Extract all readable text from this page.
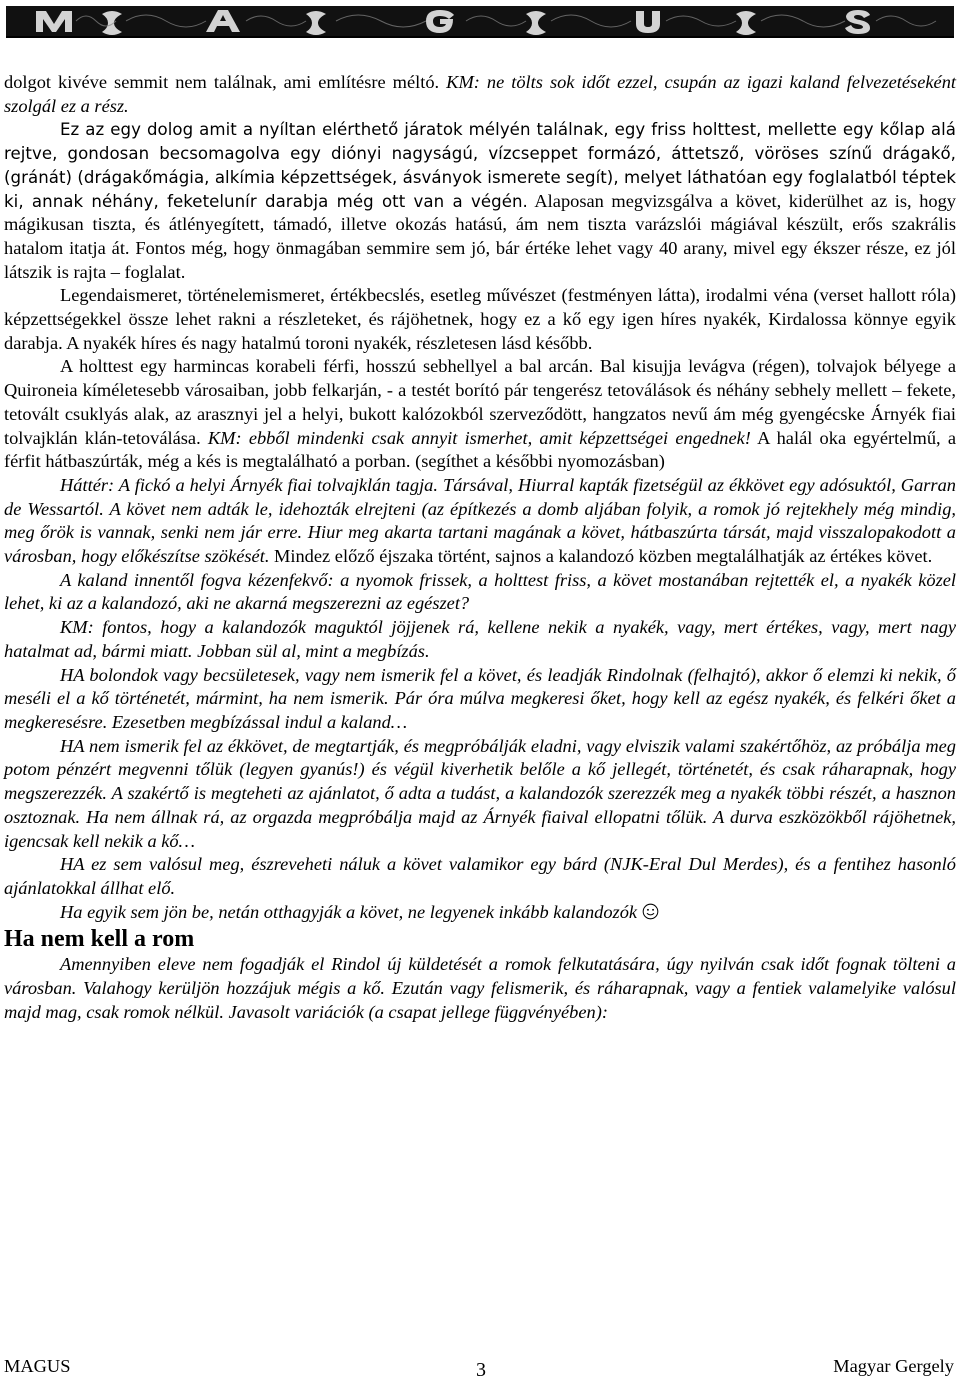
dolgot kivéve semmit nem találnak, ami említésre méltó. KM: ne tölts sok időt ezzel, csupán az igazi kaland felvezetéseként szolgál ez a rész.

Ez az egy dolog amit a nyíltan elérthető járatok mélyén találnak, egy friss holttest, mellette egy kőlap alá rejtve, gondosan becsomagolva egy diónyi nagyságú, vízcseppet formázó, áttetsző, vöröses színű drágakő, (gránát) (drágakőmágia, alkímia képzettségek, ásványok ismerete segít), melyet láthatóan egy foglalatból téptek ki, annak néhány, feketelunír darabja még ott van a végén. Alaposan megvizsgálva a követ, kiderülhet az is, hogy mágikusan tiszta, és átlényegített, támadó, illetve okozás hatású, ám nem tiszta varázslói mágiával készült, erős szakrális hatalom itatja át. Fontos még, hogy önmagában semmire sem jó, bár értéke lehet vagy 40 arany, mivel egy ékszer része, ez jól látszik is rajta – foglalat.

Legendaismeret, történelemismeret, értékbecslés, esetleg művészet (festményen látta), irodalmi véna (verset hallott róla) képzettségekkel össze lehet rakni a részleteket, és rájöhetnek, hogy ez a kő egy igen híres nyakék, Kirdalossa könnye egyik darabja. A nyakék híres és nagy hatalmú toroni nyakék, részletesen lásd később.

A holttest egy harmincas korabeli férfi, hosszú sebhellyel a bal arcán. Bal kisujja levágva (régen), tolvajok bélyege a Quironeia kíméletesebb városaiban, jobb felkarján, - a testét borító pár tengerész tetoválások és néhány sebhely mellett – fekete, tetovált csuklyás alak, az arasznyi jel a helyi, bukott kalózokból szerveződött, hangzatos nevű ám még gyengécske Árnyék fiai tolvajklán klán-tetoválása. KM: ebből mindenki csak annyit ismerhet, amit képzettségei engednek! A halál oka egyértelmű, a férfit hátbaszúrták, még a kés is megtalálható a porban. (segíthet a későbbi nyomozásban)

Háttér: A fickó a helyi Árnyék fiai tolvajklán tagja. Társával, Hiurral kapták fizetségül az ékkövet egy adósuktól, Garran de Wessartól. A követ nem adták le, idehozták elrejteni (az építkezés a domb aljában folyik, a romok jó rejtekhely még mindig, meg őrök is vannak, senki nem jár erre. Hiur meg akarta tartani magának a követ, hátbaszúrta társát, majd visszalopakodott a városban, hogy előkészítse szökését. Mindez előző éjszaka történt, sajnos a kalandozó közben megtalálhatják az értékes követ.

A kaland innentől fogva kézenfekvő: a nyomok frissek, a holttest friss, a követ mostanában rejtették el, a nyakék közel lehet, ki az a kalandozó, aki ne akarná megszerezni az egészet?

KM: fontos, hogy a kalandozók maguktól jöjjenek rá, kellene nekik a nyakék, vagy, mert értékes, vagy, mert nagy hatalmat ad, bármi miatt. Jobban sül al, mint a megbízás.

HA bolondok vagy becsületesek, vagy nem ismerik fel a követ, és leadják Rindolnak (felhajtó), akkor ő elemzi ki nekik, ő meséli el a kő történetét, mármint, ha nem ismerik. Pár óra múlva megkeresi őket, hogy kell az egész nyakék, és felkéri őket a megkeresésre. Ezesetben megbízással indul a kaland…

HA nem ismerik fel az ékkövet, de megtartják, és megpróbálják eladni, vagy elviszik valami szakértőhöz, az próbálja meg potom pénzért megvenni tőlük (legyen gyanús!) és végül kiverhetik belőle a kő jellegét, történetét, és csak ráharapnak, hogy megszerezzék. A szakértő is megteheti az ajánlatot, ő adta a tudást, a kalandozók szerezzék meg a nyakék többi részét, a hasznon osztoznak. Ha nem állnak rá, az orgazda megpróbálja majd az Árnyék fiaival ellopatni tőlük. A durva eszközökből rájöhetnek, igencsak kell nekik a kő…

HA ez sem valósul meg, észreveheti náluk a követ valamikor egy bárd (NJK-Eral Dul Merdes), és a fentihez hasonló ajánlatokkal állhat elő.

Ha egyik sem jön be, netán otthagyják a követ, ne legyenek inkább kalandozók

Ha nem kell a rom

Amennyiben eleve nem fogadják el Rindol új küldetését a romok felkutatására, úgy nyilván csak időt fognak tölteni a városban. Valahogy kerüljön hozzájuk mégis a kő. Ezután vagy felismerik, és ráharapnak, vagy a fentiek valamelyike valósul majd mag, csak romok nélkül. Javasolt variációk (a csapat jellege függvényében):

MAGUS	3	Magyar Gergely
